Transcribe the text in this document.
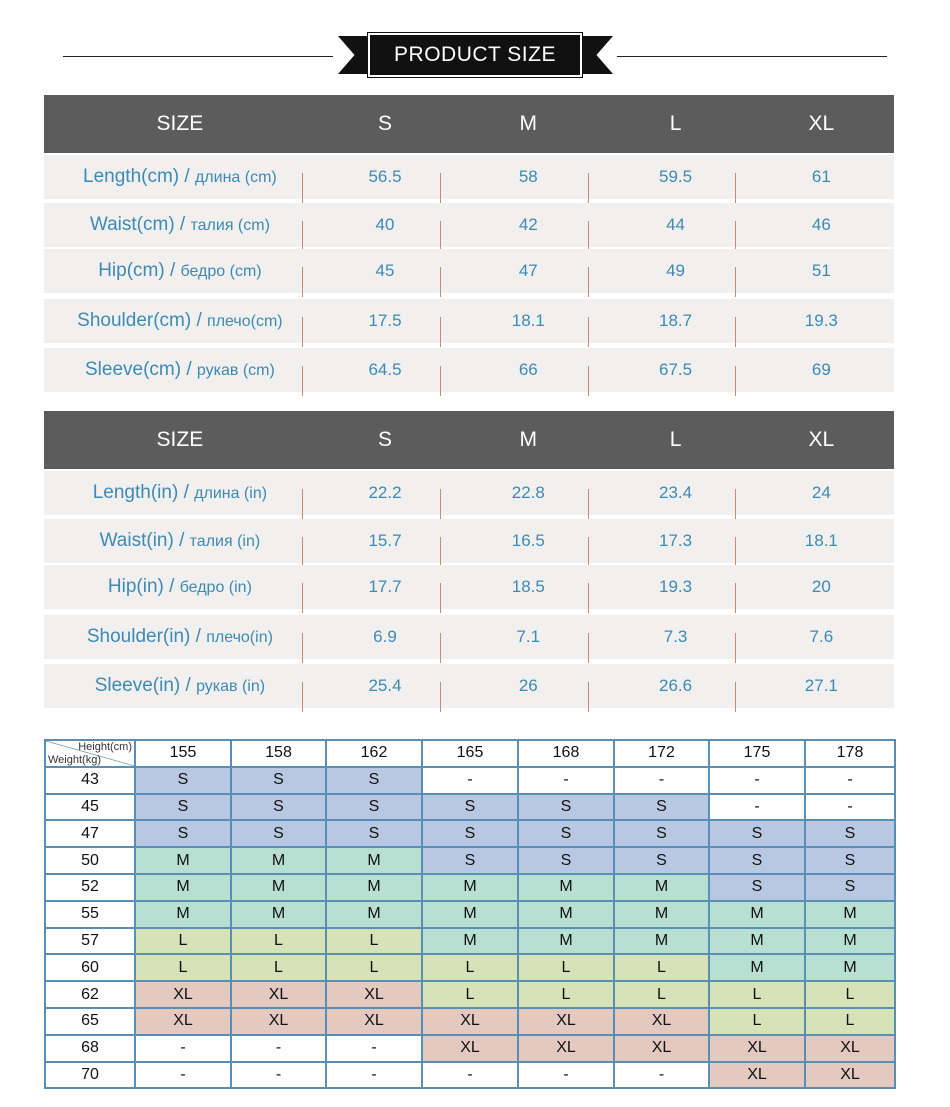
PRODUCT SIZE
SIZE	S	M	L	XL
Length(cm) / длина (cm)	56.5	58	59.5	61
Waist(cm) / талия (cm)	40	42	44	46
Hip(cm) / бедро (cm)	45	47	49	51
Shoulder(cm) / плечо(cm)	17.5	18.1	18.7	19.3
Sleeve(cm) / рукав (cm)	64.5	66	67.5	69
SIZE	S	M	L	XL
Length(in) / длина (in)	22.2	22.8	23.4	24
Waist(in) / талия (in)	15.7	16.5	17.3	18.1
Hip(in) / бедро (in)	17.7	18.5	19.3	20
Shoulder(in) / плечо(in)	6.9	7.1	7.3	7.6
Sleeve(in) / рукав (in)	25.4	26	26.6	27.1
Height(cm)
Weight(kg)	155	158	162	165	168	172	175	178
43	S	S	S	-	-	-	-	-
45	S	S	S	S	S	S	-	-
47	S	S	S	S	S	S	S	S
50	M	M	M	S	S	S	S	S
52	M	M	M	M	M	M	S	S
55	M	M	M	M	M	M	M	M
57	L	L	L	M	M	M	M	M
60	L	L	L	L	L	L	M	M
62	XL	XL	XL	L	L	L	L	L
65	XL	XL	XL	XL	XL	XL	L	L
68	-	-	-	XL	XL	XL	XL	XL
70	-	-	-	-	-	-	XL	XL
